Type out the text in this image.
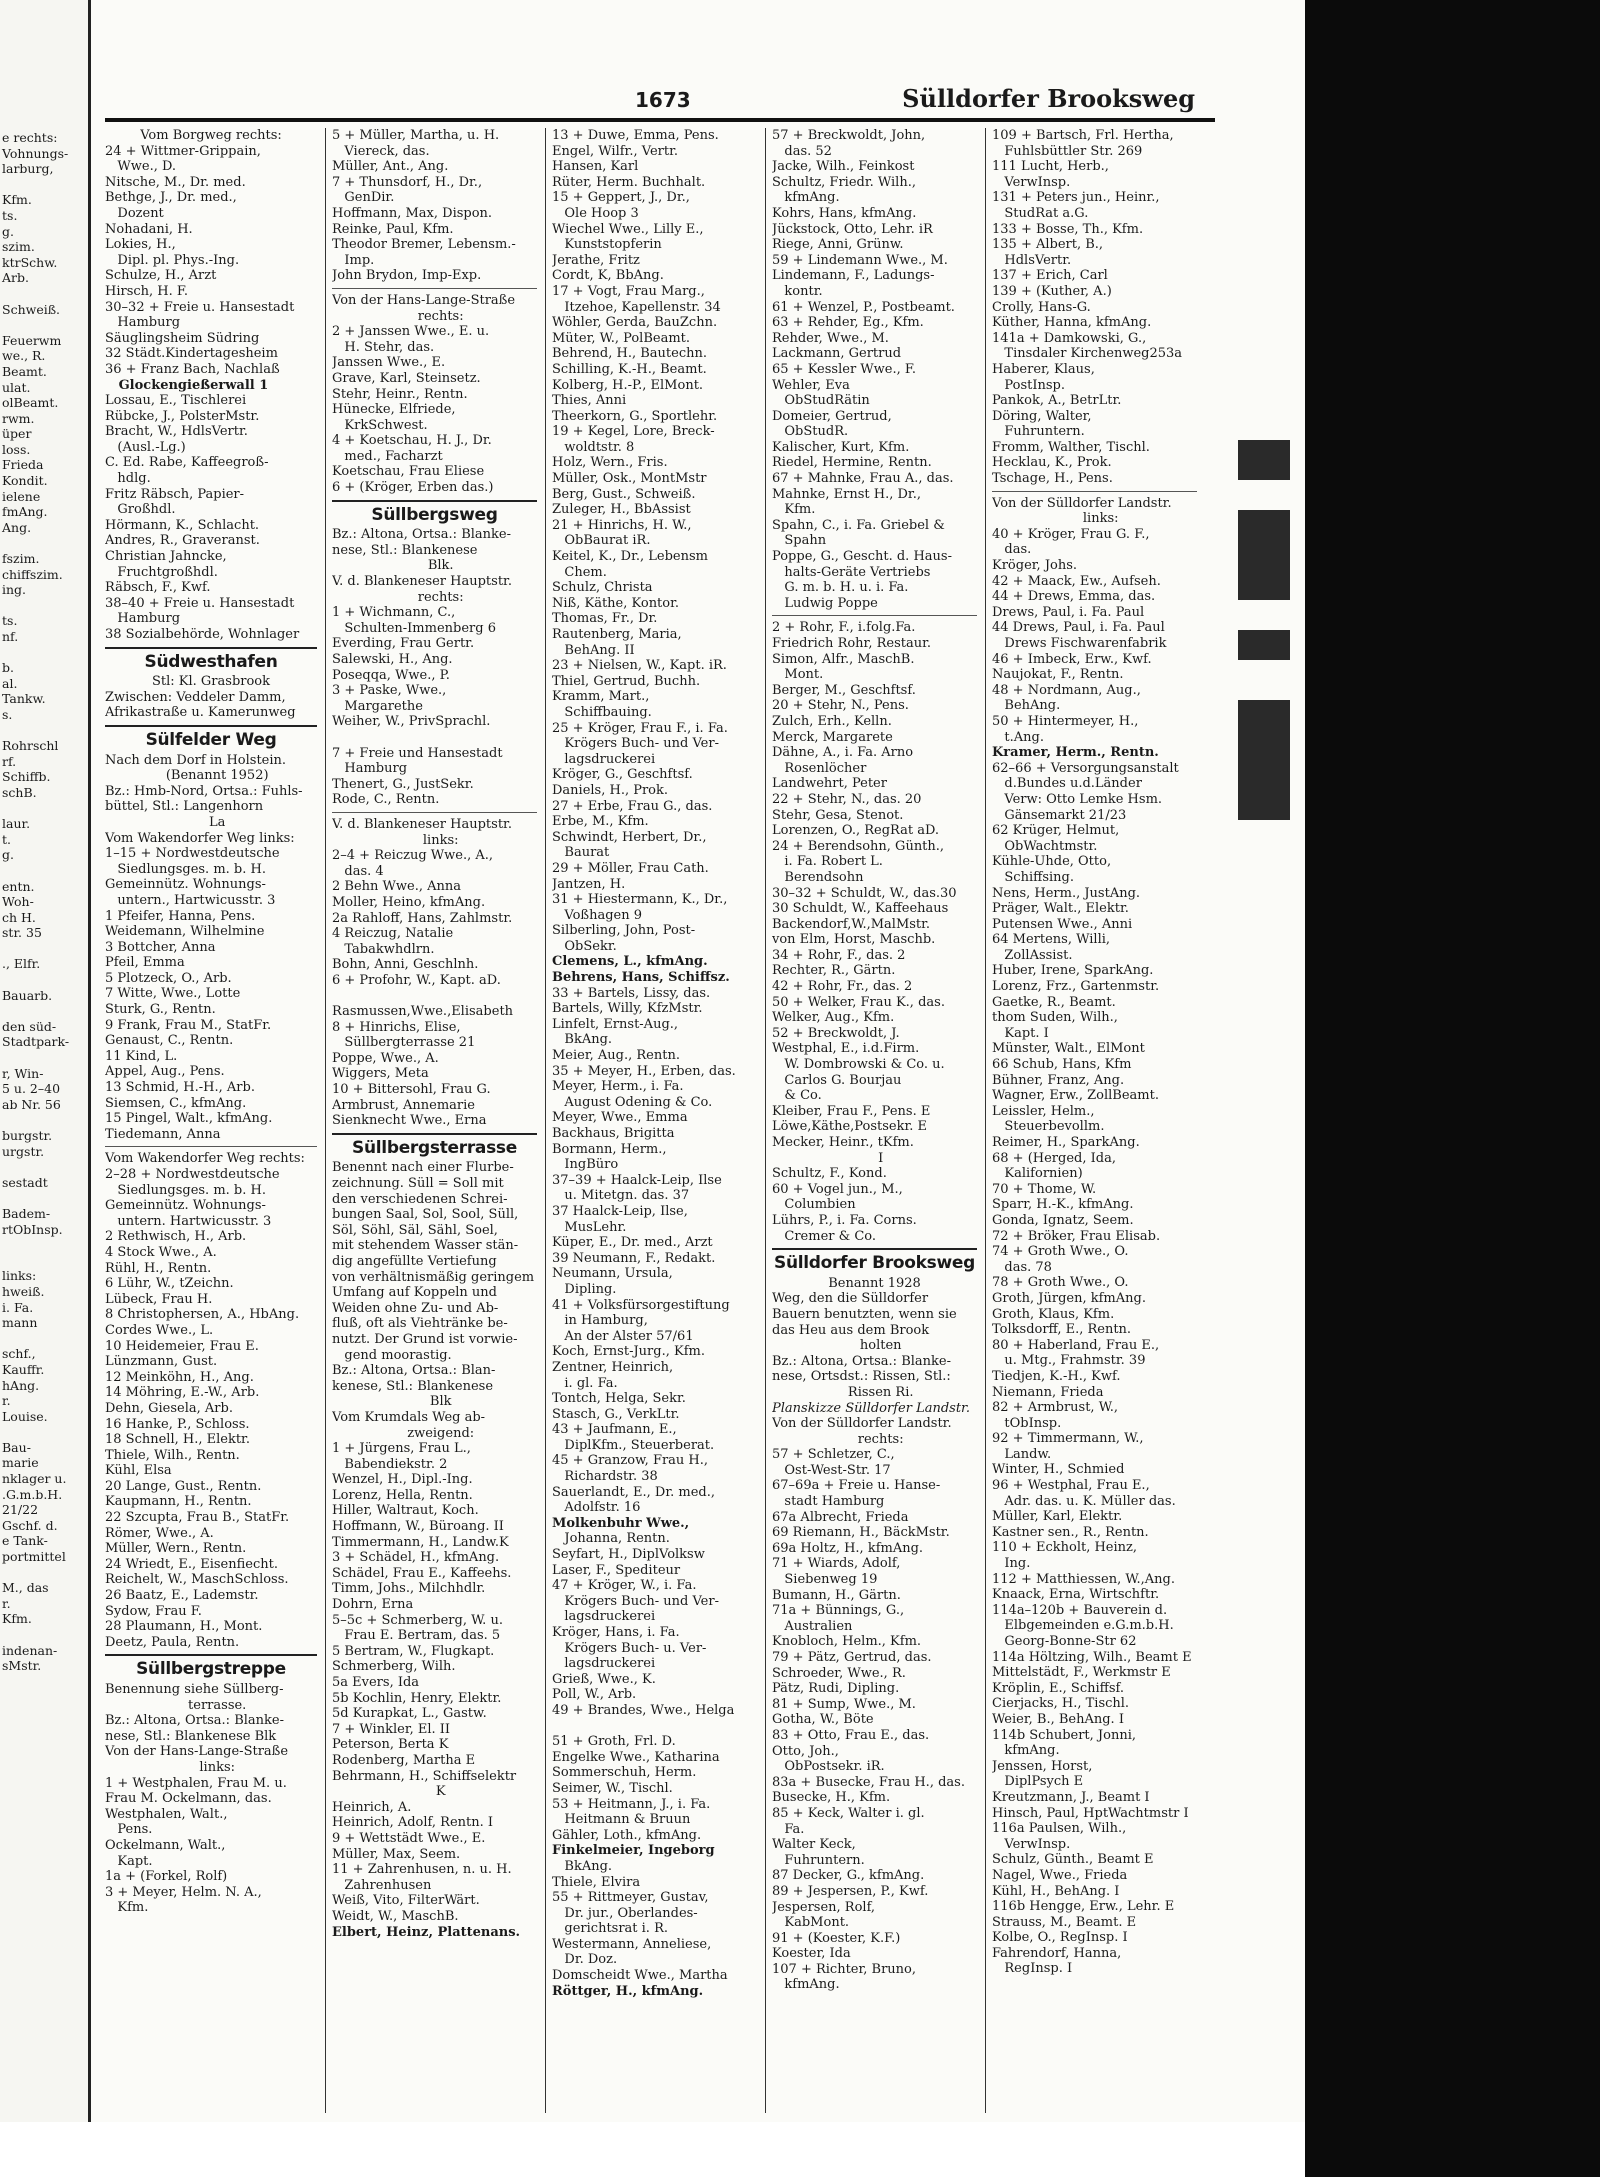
e rechts:
Vohnungs-
larburg,

Kfm.
ts.
g.
szim.
ktrSchw.
Arb.

Schweiß.

Feuerwm
we., R.
Beamt.
ulat.
olBeamt.
rwm.
üper
loss.
Frieda
Kondit.
ielene
fmAng.
Ang.

fszim.
chiffszim.
ing.

ts.
nf.

b.
al.
Tankw.
s.

Rohrschl
rf.
Schiffb.
schB.

laur.
t.
g.

entn.
Woh-
ch H.
str. 35

., Elfr.

Bauarb.

den süd-
Stadtpark-

r, Win-
5 u. 2–40
ab Nr. 56

burgstr.
urgstr.

sestadt

Badem-
rtObInsp.

links:
hweiß.
i. Fa.
mann

schf.,
Kauffr.
hAng.
r.
Louise.

Bau-
marie
nklager u.
.G.m.b.H.
21/22
Gschf. d.
e Tank-
portmittel

M., das
r.
Kfm.

indenan-
sMstr.
1673	Sülldorfer Brooksweg
Vom Borgweg rechts:
24 + Wittmer-Grippain,
Wwe., D.
Nitsche, M., Dr. med.
Bethge, J., Dr. med.,
Dozent
Nohadani, H.
Lokies, H.,
Dipl. pl. Phys.-Ing.
Schulze, H., Arzt
Hirsch, H. F.
30–32 + Freie u. Hansestadt
Hamburg
Säuglingsheim Südring
32 Städt.Kindertagesheim
36 + Franz Bach, Nachlaß
Glockengießerwall 1
Lossau, E., Tischlerei
Rübcke, J., PolsterMstr.
Bracht, W., HdlsVertr.
(Ausl.-Lg.)
C. Ed. Rabe, Kaffeegroß-
hdlg.
Fritz Räbsch, Papier-
Großhdl.
Hörmann, K., Schlacht.
Andres, R., Graveranst.
Christian Jahncke,
Fruchtgroßhdl.
Räbsch, F., Kwf.
38–40 + Freie u. Hansestadt
Hamburg
38 Sozialbehörde, Wohnlager
Südwesthafen
Stl: Kl. Grasbrook
Zwischen: Veddeler Damm,
Afrikastraße u. Kamerunweg
Sülfelder Weg
Nach dem Dorf in Holstein.
(Benannt 1952)
Bz.: Hmb-Nord, Ortsa.: Fuhls-
büttel, Stl.: Langenhorn
La
Vom Wakendorfer Weg links:
1–15 + Nordwestdeutsche
Siedlungsges. m. b. H.
Gemeinnütz. Wohnungs-
untern., Hartwicusstr. 3
1 Pfeifer, Hanna, Pens.
Weidemann, Wilhelmine
3 Bottcher, Anna
Pfeil, Emma
5 Plotzeck, O., Arb.
7 Witte, Wwe., Lotte
Sturk, G., Rentn.
9 Frank, Frau M., StatFr.
Genaust, C., Rentn.
11 Kind, L.
Appel, Aug., Pens.
13 Schmid, H.-H., Arb.
Siemsen, C., kfmAng.
15 Pingel, Walt., kfmAng.
Tiedemann, Anna
Vom Wakendorfer Weg rechts:
2–28 + Nordwestdeutsche
Siedlungsges. m. b. H.
Gemeinnütz. Wohnungs-
untern. Hartwicusstr. 3
2 Rethwisch, H., Arb.
4 Stock Wwe., A.
Rühl, H., Rentn.
6 Lühr, W., tZeichn.
Lübeck, Frau H.
8 Christophersen, A., HbAng.
Cordes Wwe., L.
10 Heidemeier, Frau E.
Lünzmann, Gust.
12 Meinköhn, H., Ang.
14 Möhring, E.-W., Arb.
Dehn, Giesela, Arb.
16 Hanke, P., Schloss.
18 Schnell, H., Elektr.
Thiele, Wilh., Rentn.
Kühl, Elsa
20 Lange, Gust., Rentn.
Kaupmann, H., Rentn.
22 Szcupta, Frau B., StatFr.
Römer, Wwe., A.
Müller, Wern., Rentn.
24 Wriedt, E., Eisenfiecht.
Reichelt, W., MaschSchloss.
26 Baatz, E., Lademstr.
Sydow, Frau F.
28 Plaumann, H., Mont.
Deetz, Paula, Rentn.
Süllbergstreppe
Benennung siehe Süllberg-
terrasse.
Bz.: Altona, Ortsa.: Blanke-
nese, Stl.: Blankenese Blk
Von der Hans-Lange-Straße
links:
1 + Westphalen, Frau M. u.
Frau M. Ockelmann, das.
Westphalen, Walt.,
Pens.
Ockelmann, Walt.,
Kapt.
1a + (Forkel, Rolf)
3 + Meyer, Helm. N. A.,
Kfm.
5 + Müller, Martha, u. H.
Viereck, das.
Müller, Ant., Ang.
7 + Thunsdorf, H., Dr.,
GenDir.
Hoffmann, Max, Dispon.
Reinke, Paul, Kfm.
Theodor Bremer, Lebensm.-
Imp.
John Brydon, Imp-Exp.
Von der Hans-Lange-Straße
rechts:
2 + Janssen Wwe., E. u.
H. Stehr, das.
Janssen Wwe., E.
Grave, Karl, Steinsetz.
Stehr, Heinr., Rentn.
Hünecke, Elfriede,
KrkSchwest.
4 + Koetschau, H. J., Dr.
med., Facharzt
Koetschau, Frau Eliese
6 + (Kröger, Erben das.)
Süllbergsweg
Bz.: Altona, Ortsa.: Blanke-
nese, Stl.: Blankenese
Blk.
V. d. Blankeneser Hauptstr.
rechts:
1 + Wichmann, C.,
Schulten-Immenberg 6
Everding, Frau Gertr.
Salewski, H., Ang.
Poseqqa, Wwe., P.
3 + Paske, Wwe.,
Margarethe
Weiher, W., PrivSprachl.

7 + Freie und Hansestadt
Hamburg
Thenert, G., JustSekr.
Rode, C., Rentn.
V. d. Blankeneser Hauptstr.
links:
2–4 + Reiczug Wwe., A.,
das. 4
2 Behn Wwe., Anna
Moller, Heino, kfmAng.
2a Rahloff, Hans, Zahlmstr.
4 Reiczug, Natalie
Tabakwhdlrn.
Bohn, Anni, Geschlnh.
6 + Profohr, W., Kapt. aD.

Rasmussen,Wwe.,Elisabeth
8 + Hinrichs, Elise,
Süllbergterrasse 21
Poppe, Wwe., A.
Wiggers, Meta
10 + Bittersohl, Frau G.
Armbrust, Annemarie
Sienknecht Wwe., Erna
Süllbergsterrasse
Benennt nach einer Flurbe-
zeichnung. Süll = Soll mit
den verschiedenen Schrei-
bungen Saal, Sol, Sool, Süll,
Söl, Söhl, Säl, Sähl, Soel,
mit stehendem Wasser stän-
dig angefüllte Vertiefung
von verhältnismäßig geringem
Umfang auf Koppeln und
Weiden ohne Zu- und Ab-
fluß, oft als Viehtränke be-
nutzt. Der Grund ist vorwie-
gend moorastig.
Bz.: Altona, Ortsa.: Blan-
kenese, Stl.: Blankenese
Blk
Vom Krumdals Weg ab-
zweigend:
1 + Jürgens, Frau L.,
Babendiekstr. 2
Wenzel, H., Dipl.-Ing.
Lorenz, Hella, Rentn.
Hiller, Waltraut, Koch.
Hoffmann, W., Büroang. II
Timmermann, H., Landw.K
3 + Schädel, H., kfmAng.
Schädel, Frau E., Kaffeehs.
Timm, Johs., Milchhdlr.
Dohrn, Erna
5–5c + Schmerberg, W. u.
Frau E. Bertram, das. 5
5 Bertram, W., Flugkapt.
Schmerberg, Wilh.
5a Evers, Ida
5b Kochlin, Henry, Elektr.
5d Kurapkat, L., Gastw.
7 + Winkler, El. II
Peterson, Berta K
Rodenberg, Martha E
Behrmann, H., Schiffselektr
K
Heinrich, A.
Heinrich, Adolf, Rentn. I
9 + Wettstädt Wwe., E.
Müller, Max, Seem.
11 + Zahrenhusen, n. u. H.
Zahrenhusen
Weiß, Vito, FilterWärt.
Weidt, W., MaschB.
Elbert, Heinz, Plattenans.
13 + Duwe, Emma, Pens.
Engel, Wilfr., Vertr.
Hansen, Karl
Rüter, Herm. Buchhalt.
15 + Geppert, J., Dr.,
Ole Hoop 3
Wiechel Wwe., Lilly E.,
Kunststopferin
Jerathe, Fritz
Cordt, K, BbAng.
17 + Vogt, Frau Marg.,
Itzehoe, Kapellenstr. 34
Wöhler, Gerda, BauZchn.
Müter, W., PolBeamt.
Behrend, H., Bautechn.
Schilling, K.-H., Beamt.
Kolberg, H.-P., ElMont.
Thies, Anni
Theerkorn, G., Sportlehr.
19 + Kegel, Lore, Breck-
woldtstr. 8
Holz, Wern., Fris.
Müller, Osk., MontMstr
Berg, Gust., Schweiß.
Zuleger, H., BbAssist
21 + Hinrichs, H. W.,
ObBaurat iR.
Keitel, K., Dr., Lebensm
Chem.
Schulz, Christa
Niß, Käthe, Kontor.
Thomas, Fr., Dr.
Rautenberg, Maria,
BehAng. II
23 + Nielsen, W., Kapt. iR.
Thiel, Gertrud, Buchh.
Kramm, Mart.,
Schiffbauing.
25 + Kröger, Frau F., i. Fa.
Krögers Buch- und Ver-
lagsdruckerei
Kröger, G., Geschftsf.
Daniels, H., Prok.
27 + Erbe, Frau G., das.
Erbe, M., Kfm.
Schwindt, Herbert, Dr.,
Baurat
29 + Möller, Frau Cath.
Jantzen, H.
31 + Hiestermann, K., Dr.,
Voßhagen 9
Silberling, John, Post-
ObSekr.
Clemens, L., kfmAng.
Behrens, Hans, Schiffsz.
33 + Bartels, Lissy, das.
Bartels, Willy, KfzMstr.
Linfelt, Ernst-Aug.,
BkAng.
Meier, Aug., Rentn.
35 + Meyer, H., Erben, das.
Meyer, Herm., i. Fa.
August Odening & Co.
Meyer, Wwe., Emma
Backhaus, Brigitta
Bormann, Herm.,
IngBüro
37–39 + Haalck-Leip, Ilse
u. Mitetgn. das. 37
37 Haalck-Leip, Ilse,
MusLehr.
Küper, E., Dr. med., Arzt
39 Neumann, F., Redakt.
Neumann, Ursula,
Dipling.
41 + Volksfürsorgestiftung
in Hamburg,
An der Alster 57/61
Koch, Ernst-Jurg., Kfm.
Zentner, Heinrich,
i. gl. Fa.
Tontch, Helga, Sekr.
Stasch, G., VerkLtr.
43 + Jaufmann, E.,
DiplKfm., Steuerberat.
45 + Granzow, Frau H.,
Richardstr. 38
Sauerlandt, E., Dr. med.,
Adolfstr. 16
Molkenbuhr Wwe.,
Johanna, Rentn.
Seyfart, H., DiplVolksw
Laser, F., Spediteur
47 + Kröger, W., i. Fa.
Krögers Buch- und Ver-
lagsdruckerei
Kröger, Hans, i. Fa.
Krögers Buch- u. Ver-
lagsdruckerei
Grieß, Wwe., K.
Poll, W., Arb.
49 + Brandes, Wwe., Helga

51 + Groth, Frl. D.
Engelke Wwe., Katharina
Sommerschuh, Herm.
Seimer, W., Tischl.
53 + Heitmann, J., i. Fa.
Heitmann & Bruun
Gähler, Loth., kfmAng.
Finkelmeier, Ingeborg
BkAng.
Thiele, Elvira
55 + Rittmeyer, Gustav,
Dr. jur., Oberlandes-
gerichtsrat i. R.
Westermann, Anneliese,
Dr. Doz.
Domscheidt Wwe., Martha
Röttger, H., kfmAng.
57 + Breckwoldt, John,
das. 52
Jacke, Wilh., Feinkost
Schultz, Friedr. Wilh.,
kfmAng.
Kohrs, Hans, kfmAng.
Jückstock, Otto, Lehr. iR
Riege, Anni, Grünw.
59 + Lindemann Wwe., M.
Lindemann, F., Ladungs-
kontr.
61 + Wenzel, P., Postbeamt.
63 + Rehder, Eg., Kfm.
Rehder, Wwe., M.
Lackmann, Gertrud
65 + Kessler Wwe., F.
Wehler, Eva
ObStudRätin
Domeier, Gertrud,
ObStudR.
Kalischer, Kurt, Kfm.
Riedel, Hermine, Rentn.
67 + Mahnke, Frau A., das.
Mahnke, Ernst H., Dr.,
Kfm.
Spahn, C., i. Fa. Griebel &
Spahn
Poppe, G., Gescht. d. Haus-
halts-Geräte Vertriebs
G. m. b. H. u. i. Fa.
Ludwig Poppe
2 + Rohr, F., i.folg.Fa.
Friedrich Rohr, Restaur.
Simon, Alfr., MaschB.
Mont.
Berger, M., Geschftsf.
20 + Stehr, N., Pens.
Zulch, Erh., Kelln.
Merck, Margarete
Dähne, A., i. Fa. Arno
Rosenlöcher
Landwehrt, Peter
22 + Stehr, N., das. 20
Stehr, Gesa, Stenot.
Lorenzen, O., RegRat aD.
24 + Berendsohn, Günth.,
i. Fa. Robert L.
Berendsohn
30–32 + Schuldt, W., das.30
30 Schuldt, W., Kaffeehaus
Backendorf,W.,MalMstr.
von Elm, Horst, Maschb.
34 + Rohr, F., das. 2
Rechter, R., Gärtn.
42 + Rohr, Fr., das. 2
50 + Welker, Frau K., das.
Welker, Aug., Kfm.
52 + Breckwoldt, J.
Westphal, E., i.d.Firm.
W. Dombrowski & Co. u.
Carlos G. Bourjau
& Co.
Kleiber, Frau F., Pens. E
Löwe,Käthe,Postsekr. E
Mecker, Heinr., tKfm.
I
Schultz, F., Kond.
60 + Vogel jun., M.,
Columbien
Lührs, P., i. Fa. Corns.
Cremer & Co.
Sülldorfer Brooksweg
Benannt 1928
Weg, den die Sülldorfer
Bauern benutzten, wenn sie
das Heu aus dem Brook
holten
Bz.: Altona, Ortsa.: Blanke-
nese, Ortsdst.: Rissen, Stl.:
Rissen Ri.
Planskizze Sülldorfer Landstr.
Von der Sülldorfer Landstr.
rechts:
57 + Schletzer, C.,
Ost-West-Str. 17
67–69a + Freie u. Hanse-
stadt Hamburg
67a Albrecht, Frieda
69 Riemann, H., BäckMstr.
69a Holtz, H., kfmAng.
71 + Wiards, Adolf,
Siebenweg 19
Bumann, H., Gärtn.
71a + Bünnings, G.,
Australien
Knobloch, Helm., Kfm.
79 + Pätz, Gertrud, das.
Schroeder, Wwe., R.
Pätz, Rudi, Dipling.
81 + Sump, Wwe., M.
Gotha, W., Böte
83 + Otto, Frau E., das.
Otto, Joh.,
ObPostsekr. iR.
83a + Busecke, Frau H., das.
Busecke, H., Kfm.
85 + Keck, Walter i. gl.
Fa.
Walter Keck,
Fuhruntern.
87 Decker, G., kfmAng.
89 + Jespersen, P., Kwf.
Jespersen, Rolf,
KabMont.
91 + (Koester, K.F.)
Koester, Ida
107 + Richter, Bruno,
kfmAng.
109 + Bartsch, Frl. Hertha,
Fuhlsbüttler Str. 269
111 Lucht, Herb.,
VerwInsp.
131 + Peters jun., Heinr.,
StudRat a.G.
133 + Bosse, Th., Kfm.
135 + Albert, B.,
HdlsVertr.
137 + Erich, Carl
139 + (Kuther, A.)
Crolly, Hans-G.
Küther, Hanna, kfmAng.
141a + Damkowski, G.,
Tinsdaler Kirchenweg253a
Haberer, Klaus,
PostInsp.
Pankok, A., BetrLtr.
Döring, Walter,
Fuhruntern.
Fromm, Walther, Tischl.
Hecklau, K., Prok.
Tschage, H., Pens.
Von der Sülldorfer Landstr.
links:
40 + Kröger, Frau G. F.,
das.
Kröger, Johs.
42 + Maack, Ew., Aufseh.
44 + Drews, Emma, das.
Drews, Paul, i. Fa. Paul
44 Drews, Paul, i. Fa. Paul
Drews Fischwarenfabrik
46 + Imbeck, Erw., Kwf.
Naujokat, F., Rentn.
48 + Nordmann, Aug.,
BehAng.
50 + Hintermeyer, H.,
t.Ang.
Kramer, Herm., Rentn.
62–66 + Versorgungsanstalt
d.Bundes u.d.Länder
Verw: Otto Lemke Hsm.
Gänsemarkt 21/23
62 Krüger, Helmut,
ObWachtmstr.
Kühle-Uhde, Otto,
Schiffsing.
Nens, Herm., JustAng.
Präger, Walt., Elektr.
Putensen Wwe., Anni
64 Mertens, Willi,
ZollAssist.
Huber, Irene, SparkAng.
Lorenz, Frz., Gartenmstr.
Gaetke, R., Beamt.
thom Suden, Wilh.,
Kapt. I
Münster, Walt., ElMont
66 Schub, Hans, Kfm
Bühner, Franz, Ang.
Wagner, Erw., ZollBeamt.
Leissler, Helm.,
Steuerbevollm.
Reimer, H., SparkAng.
68 + (Herged, Ida,
Kalifornien)
70 + Thome, W.
Sparr, H.-K., kfmAng.
Gonda, Ignatz, Seem.
72 + Bröker, Frau Elisab.
74 + Groth Wwe., O.
das. 78
78 + Groth Wwe., O.
Groth, Jürgen, kfmAng.
Groth, Klaus, Kfm.
Tolksdorff, E., Rentn.
80 + Haberland, Frau E.,
u. Mtg., Frahmstr. 39
Tiedjen, K.-H., Kwf.
Niemann, Frieda
82 + Armbrust, W.,
tObInsp.
92 + Timmermann, W.,
Landw.
Winter, H., Schmied
96 + Westphal, Frau E.,
Adr. das. u. K. Müller das.
Müller, Karl, Elektr.
Kastner sen., R., Rentn.
110 + Eckholt, Heinz,
Ing.
112 + Matthiessen, W.,Ang.
Knaack, Erna, Wirtschftr.
114a–120b + Bauverein d.
Elbgemeinden e.G.m.b.H.
Georg-Bonne-Str 62
114a Höltzing, Wilh., Beamt E
Mittelstädt, F., Werkmstr E
Kröplin, E., Schiffsf.
Cierjacks, H., Tischl.
Weier, B., BehAng. I
114b Schubert, Jonni,
kfmAng.
Jenssen, Horst,
DiplPsych E
Kreutzmann, J., Beamt I
Hinsch, Paul, HptWachtmstr I
116a Paulsen, Wilh.,
VerwInsp.
Schulz, Günth., Beamt E
Nagel, Wwe., Frieda
Kühl, H., BehAng. I
116b Hengge, Erw., Lehr. E
Strauss, M., Beamt. E
Kolbe, O., RegInsp. I
Fahrendorf, Hanna,
RegInsp. I
